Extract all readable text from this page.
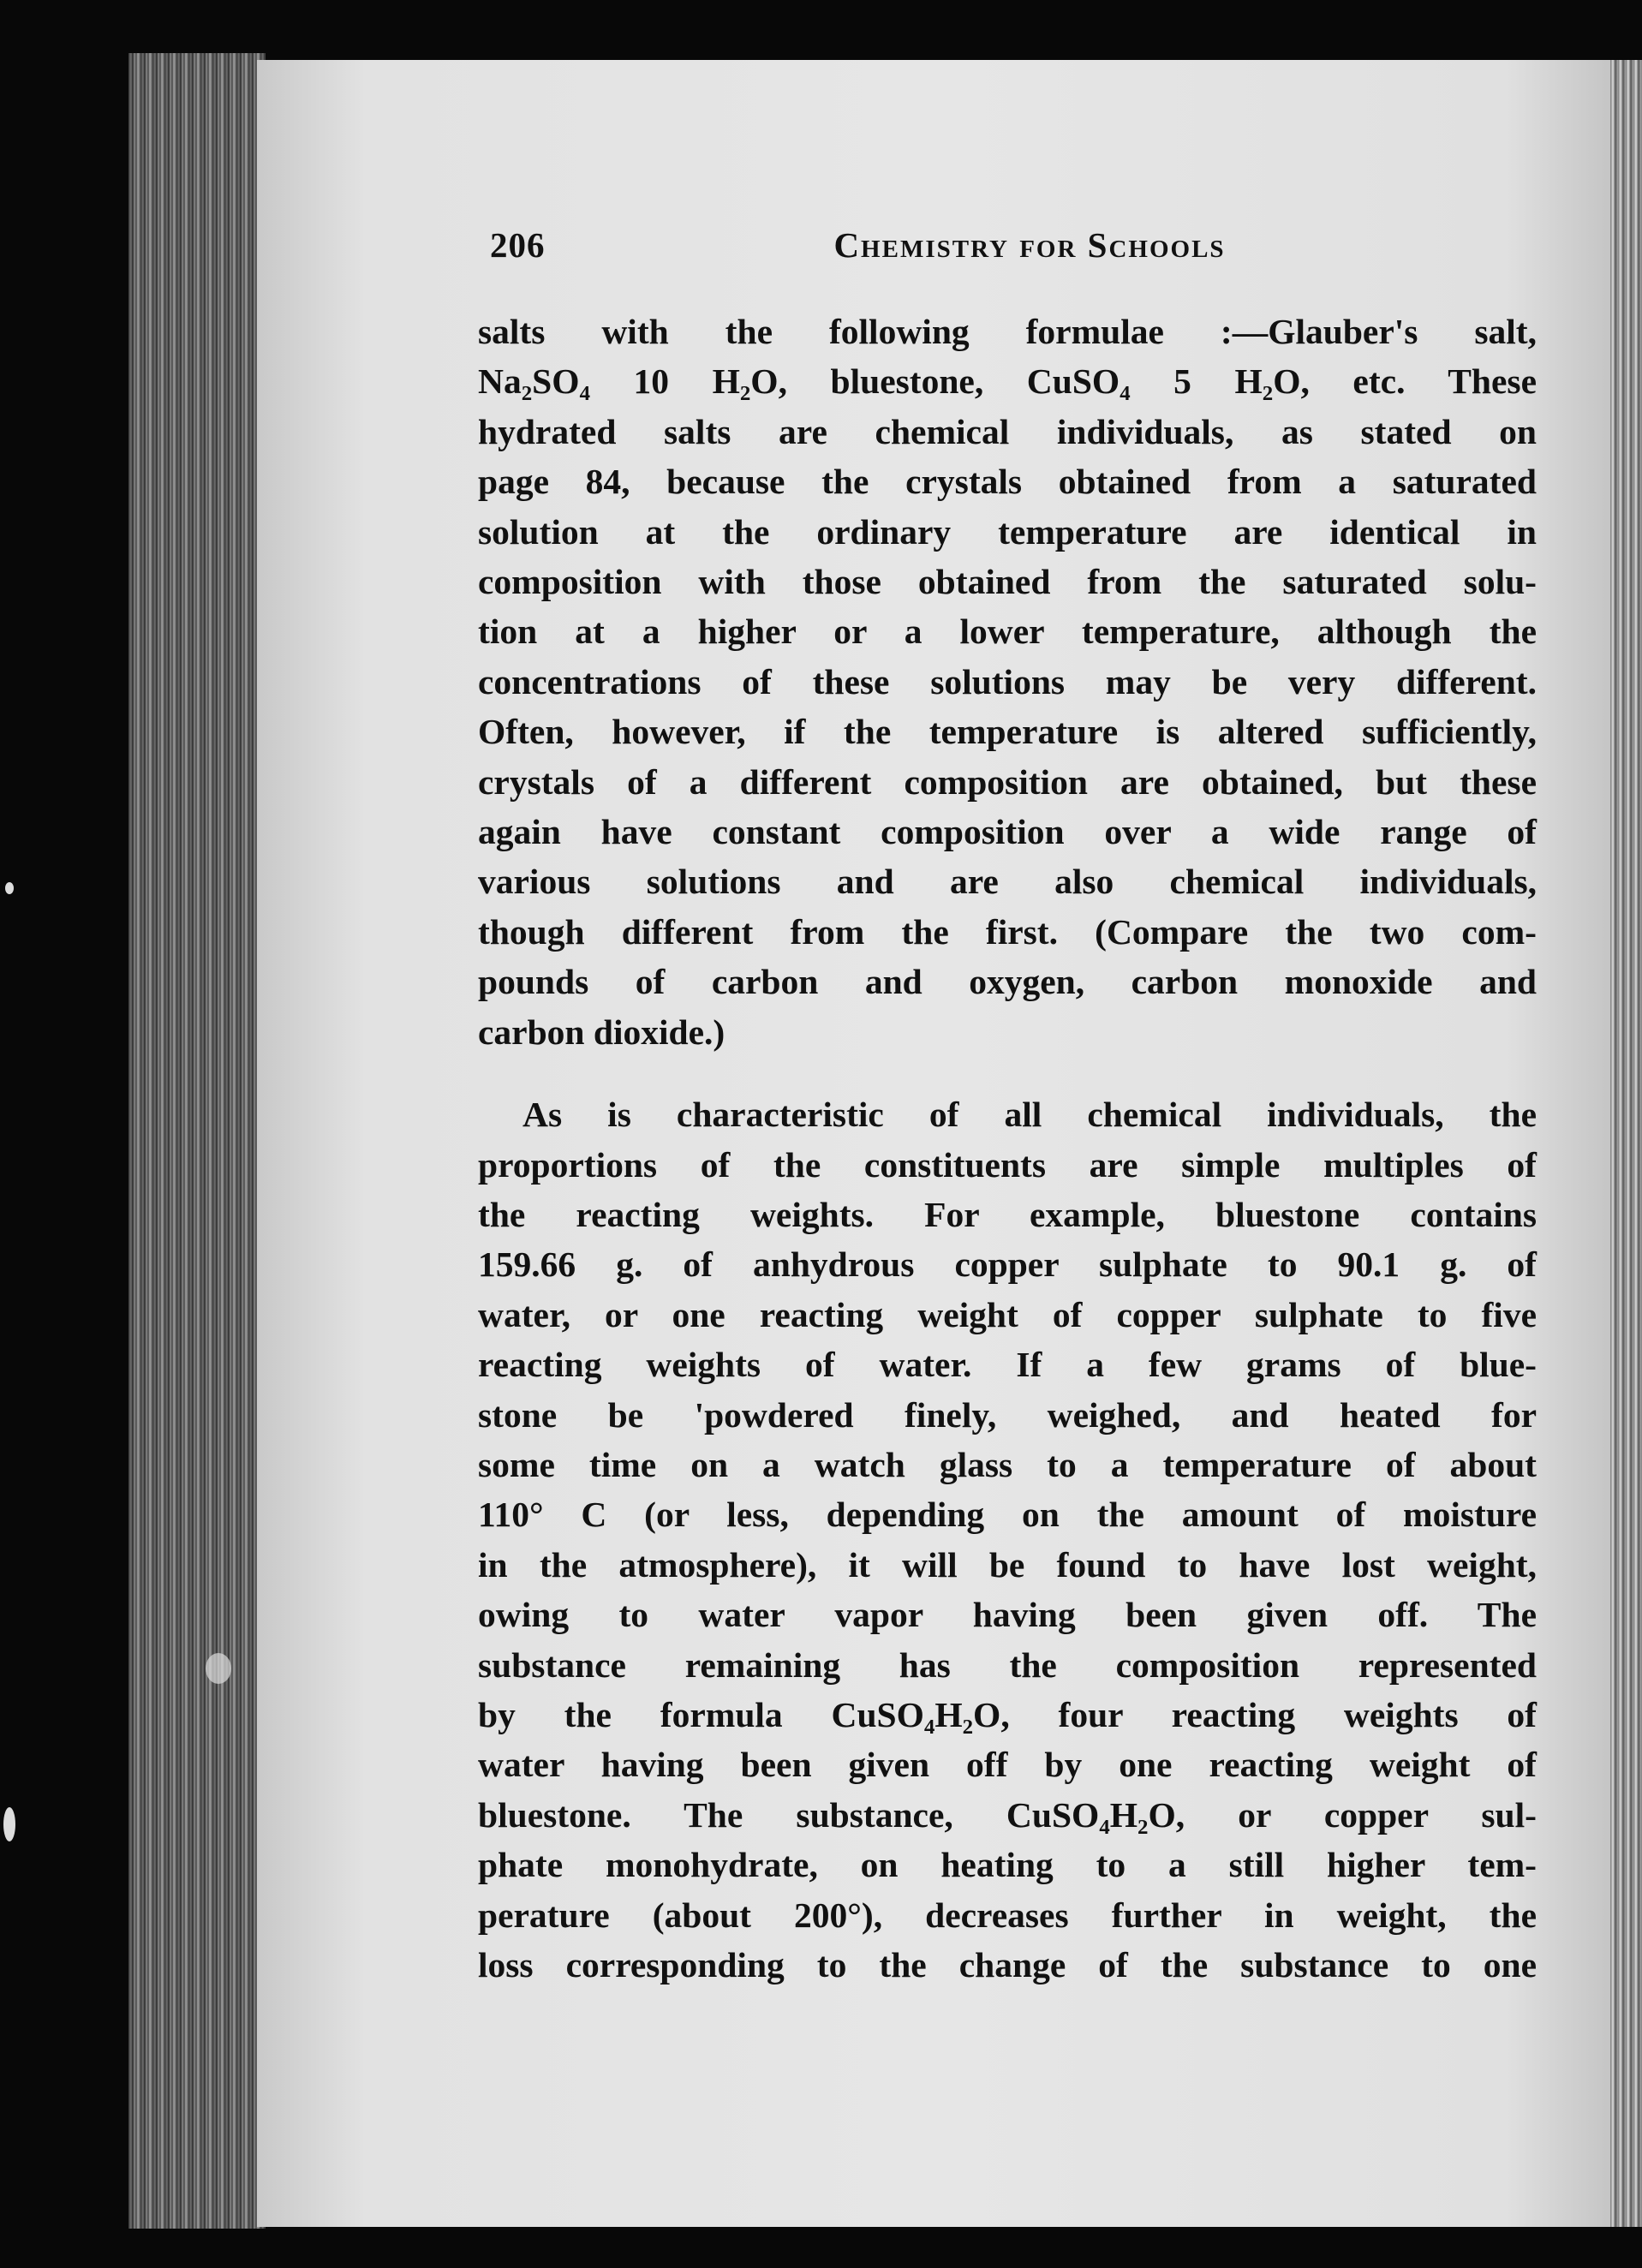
206	Chemistry for Schools
salts with the following formulae :—Glauber's salt,
Na₂SO₄ 10 H₂O, bluestone, CuSO₄ 5 H₂O, etc. These
hydrated salts are chemical individuals, as stated on
page 84, because the crystals obtained from a saturated
solution at the ordinary temperature are identical in
composition with those obtained from the saturated solu-
tion at a higher or a lower temperature, although the
concentrations of these solutions may be very different.
Often, however, if the temperature is altered sufficiently,
crystals of a different composition are obtained, but these
again have constant composition over a wide range of
various solutions and are also chemical individuals,
though different from the first. (Compare the two com-
pounds of carbon and oxygen, carbon monoxide and
carbon dioxide.)
As is characteristic of all chemical individuals, the
proportions of the constituents are simple multiples of
the reacting weights. For example, bluestone contains
159.66 g. of anhydrous copper sulphate to 90.1 g. of
water, or one reacting weight of copper sulphate to five
reacting weights of water. If a few grams of blue-
stone be 'powdered finely, weighed, and heated for
some time on a watch glass to a temperature of about
110° C (or less, depending on the amount of moisture
in the atmosphere), it will be found to have lost weight,
owing to water vapor having been given off. The
substance remaining has the composition represented
by the formula CuSO₄H₂O, four reacting weights of
water having been given off by one reacting weight of
bluestone. The substance, CuSO₄H₂O, or copper sul-
phate monohydrate, on heating to a still higher tem-
perature (about 200°), decreases further in weight, the
loss corresponding to the change of the substance to one
